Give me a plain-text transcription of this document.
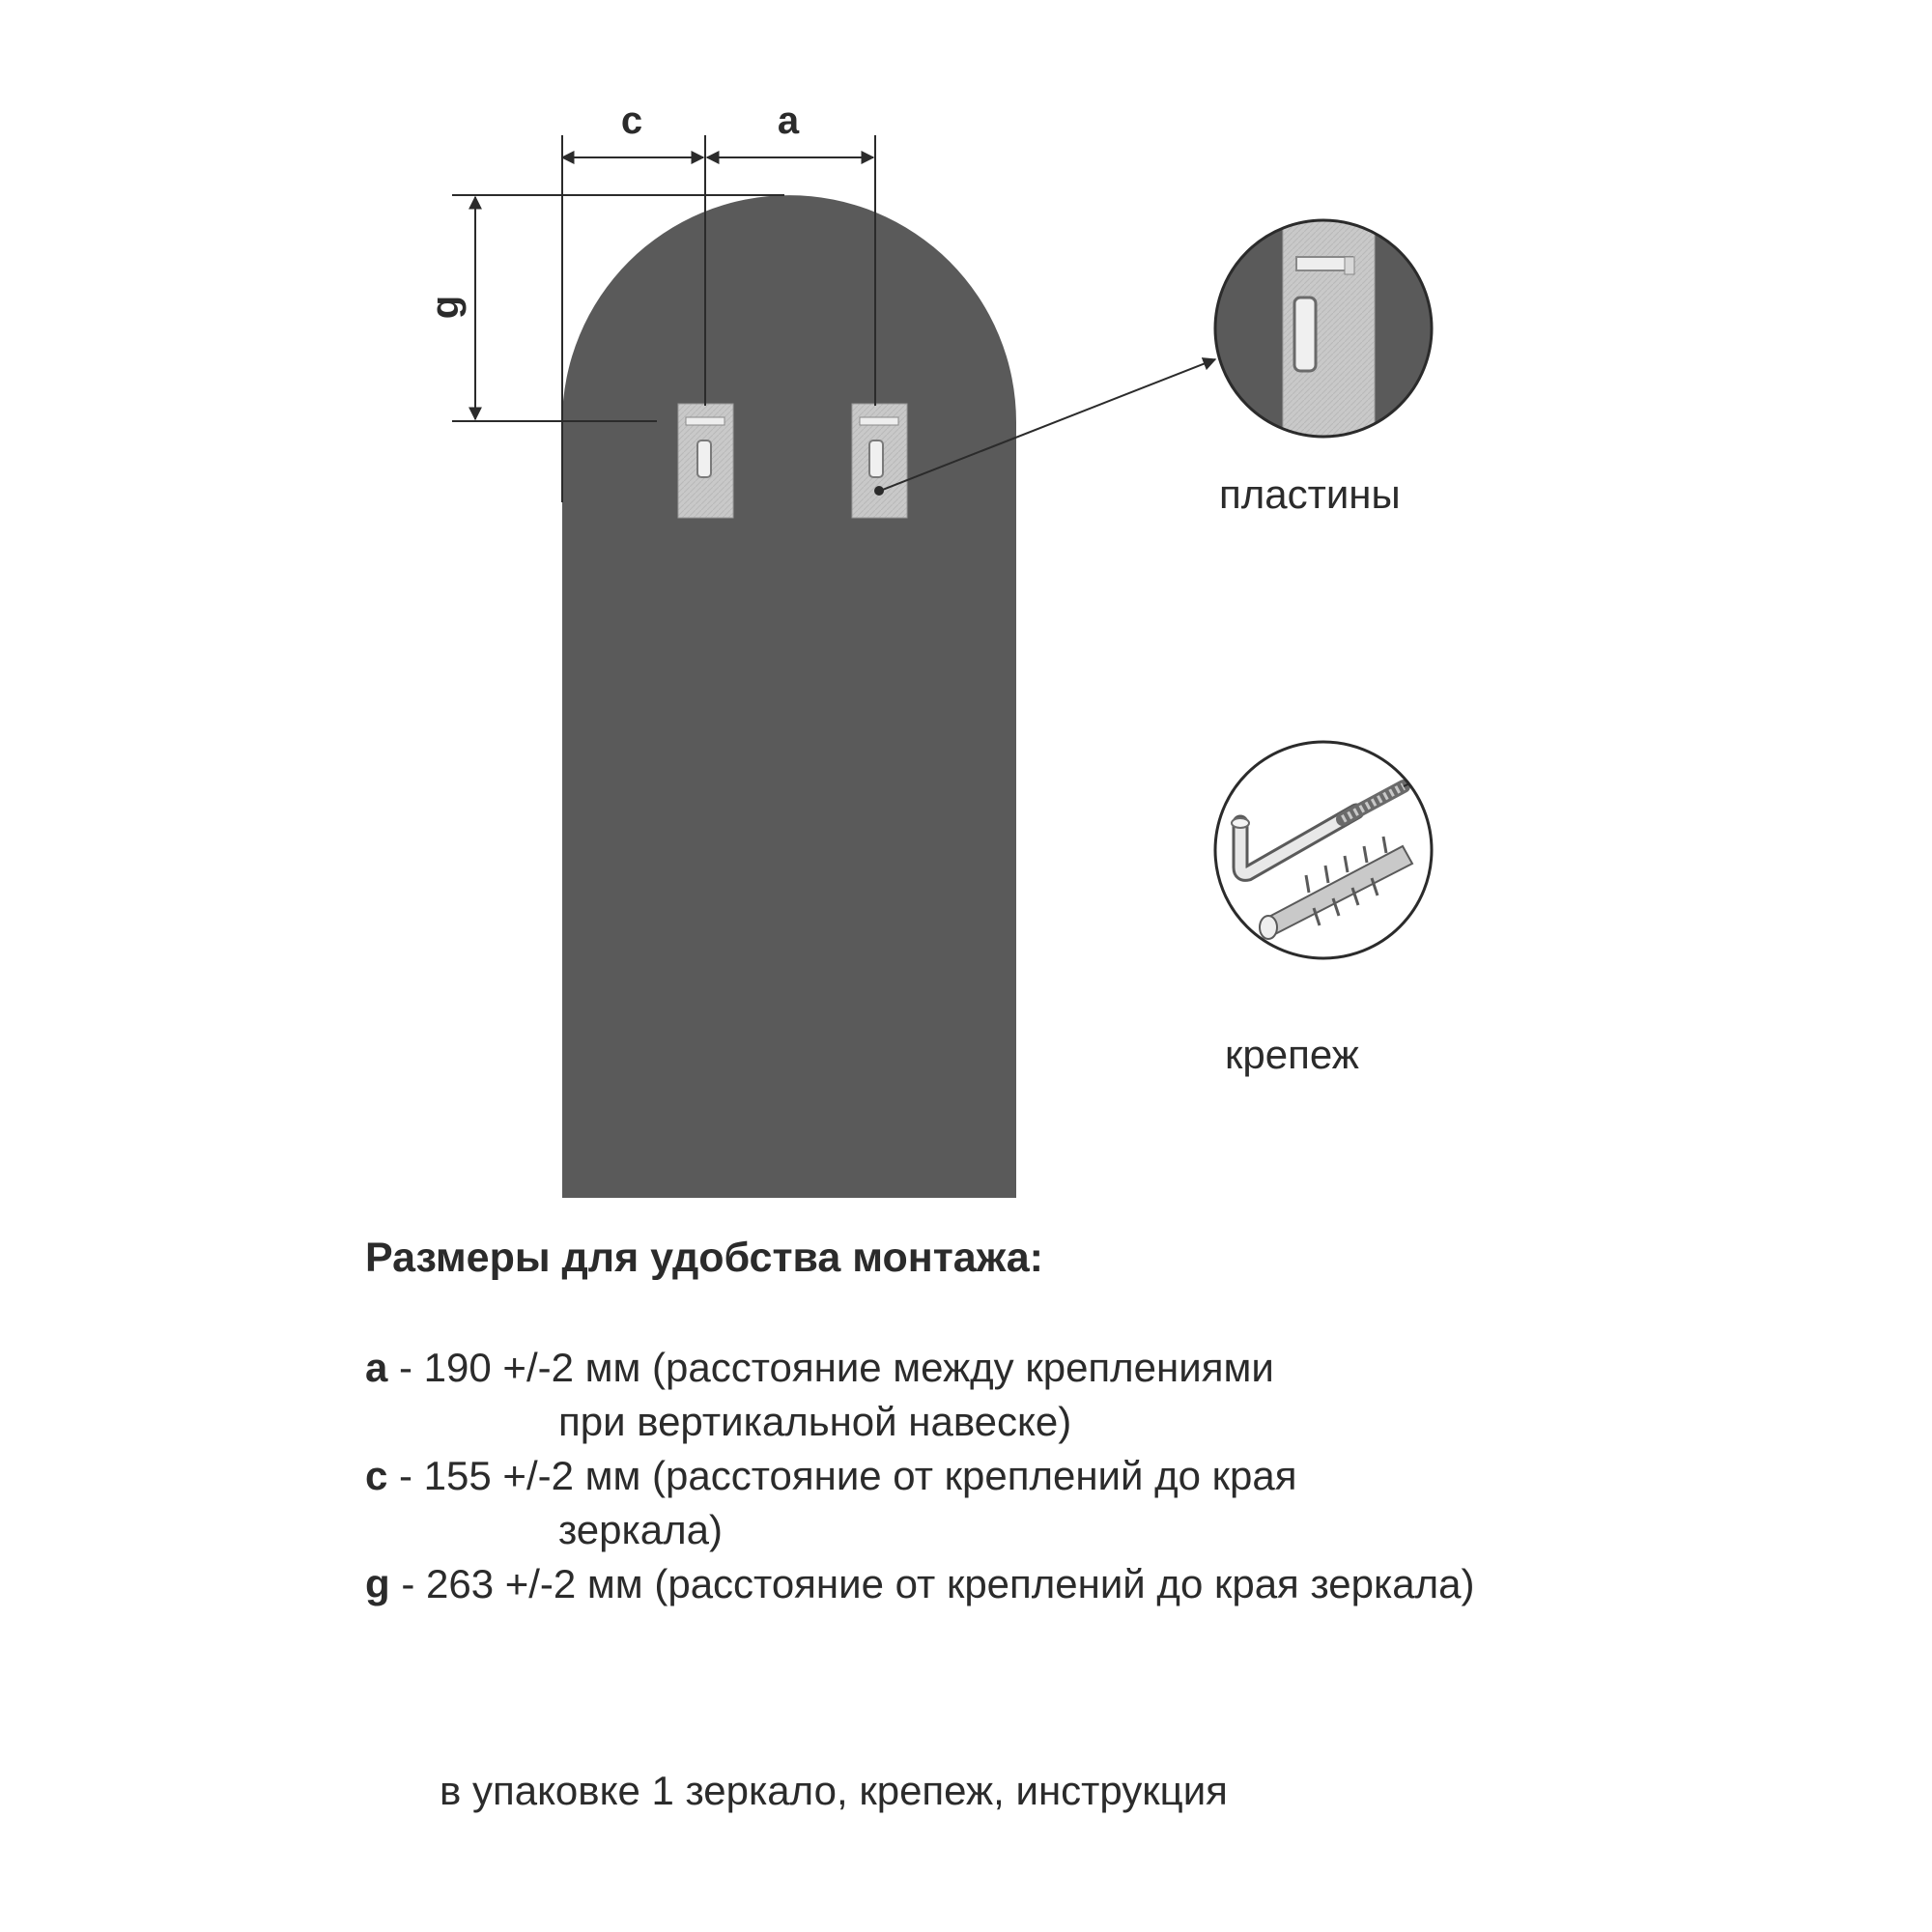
c	a
g
пластины
крепеж
Размеры для удобства монтажа:
a - 190 +/-2 мм (расстояние между креплениями
при вертикальной навеске)
c - 155 +/-2 мм (расстояние от креплений до края
зеркала)
g - 263 +/-2 мм (расстояние от креплений до края зеркала)
в упаковке 1 зеркало, крепеж, инструкция
